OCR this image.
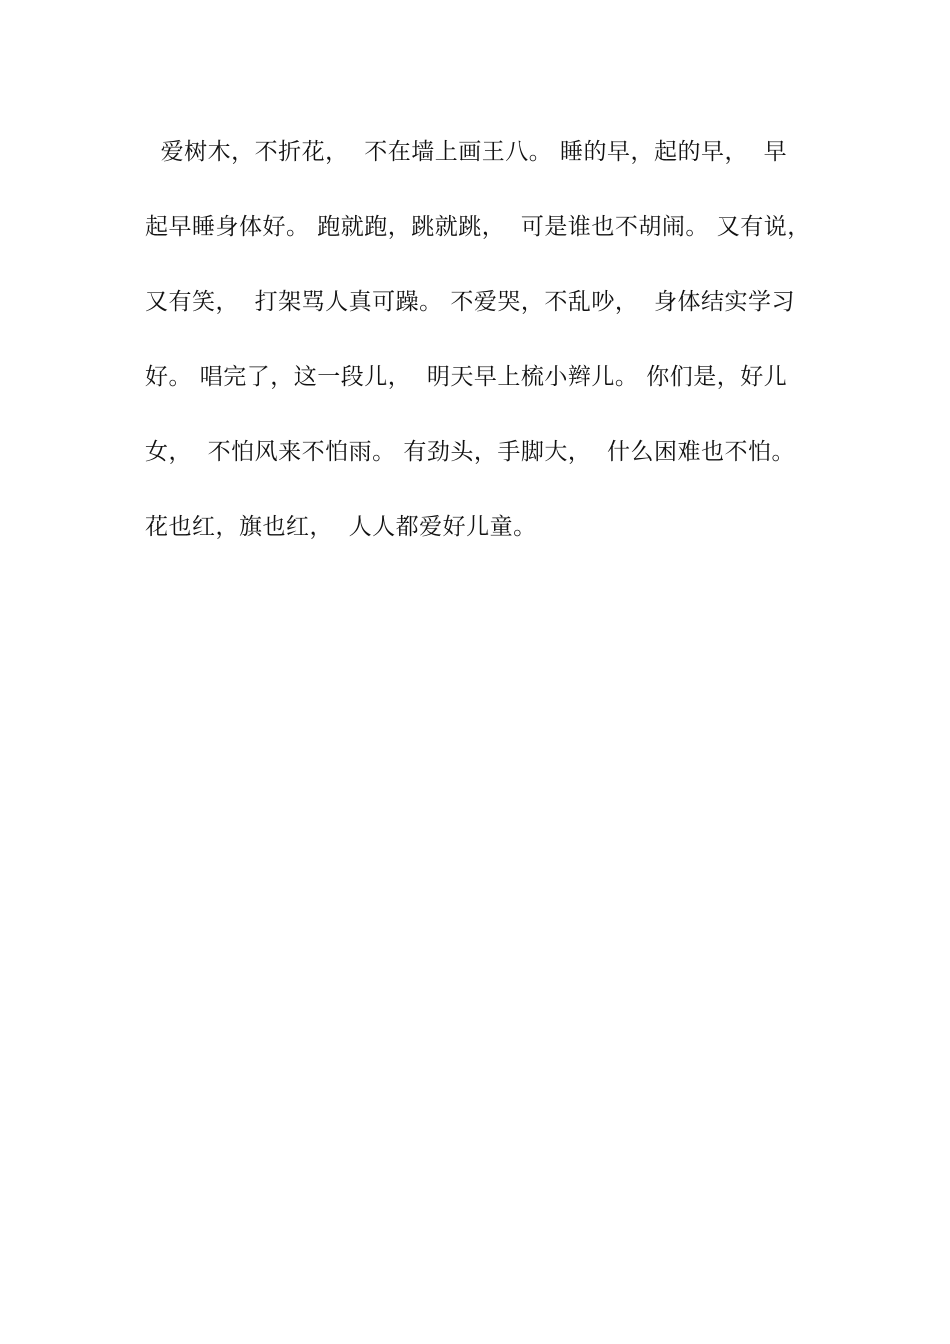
爱树木，不折花，  不在墙上画王八。 睡的早，起的早，  早
起早睡身体好。 跑就跑，跳就跳，  可是谁也不胡闹。 又有说，
又有笑，  打架骂人真可躁。 不爱哭，不乱吵，  身体结实学习
好。 唱完了，这一段儿，  明天早上梳小辫儿。 你们是，好儿
女，  不怕风来不怕雨。 有劲头，手脚大，  什么困难也不怕。
花也红，旗也红，  人人都爱好儿童。
